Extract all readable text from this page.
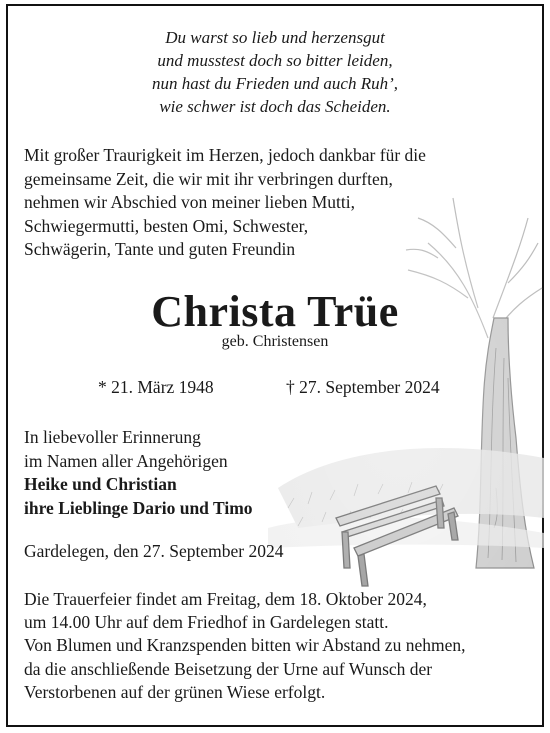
Du warst so lieb und herzensgut
und musstest doch so bitter leiden,
nun hast du Frieden und auch Ruh’,
wie schwer ist doch das Scheiden.
Mit großer Traurigkeit im Herzen, jedoch dankbar für die
gemeinsame Zeit, die wir mit ihr verbringen durften,
nehmen wir Abschied von meiner lieben Mutti,
Schwiegermutti, besten Omi, Schwester,
Schwägerin, Tante und guten Freundin
Christa Trüe
geb. Christensen
* 21. März 1948	† 27. September 2024
In liebevoller Erinnerung
im Namen aller Angehörigen
Heike und Christian
ihre Lieblinge Dario und Timo
Gardelegen, den 27. September 2024
Die Trauerfeier findet am Freitag, dem 18. Oktober 2024,
um 14.00 Uhr auf dem Friedhof in Gardelegen statt.
Von Blumen und Kranzspenden bitten wir Abstand zu nehmen,
da die anschließende Beisetzung der Urne auf Wunsch der
Verstorbenen auf der grünen Wiese erfolgt.
